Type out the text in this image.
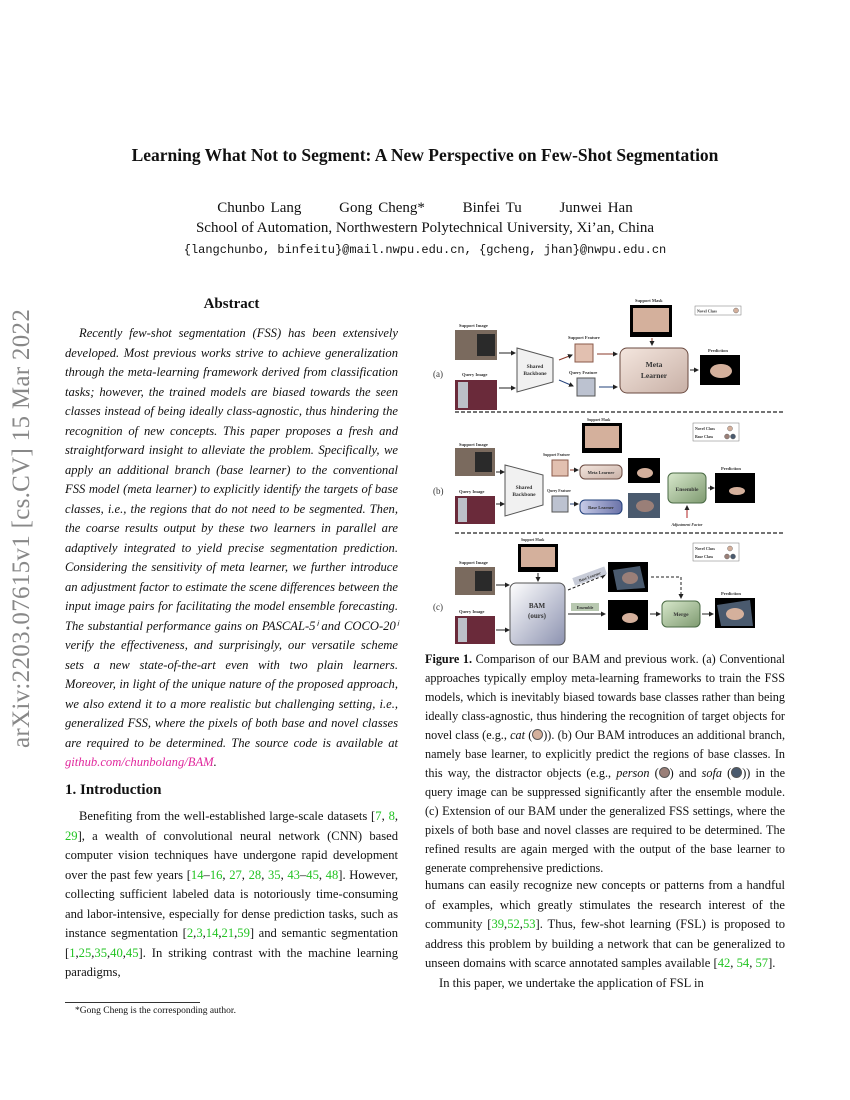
arXiv:2203.07615v1 [cs.CV] 15 Mar 2022
Learning What Not to Segment: A New Perspective on Few-Shot Segmentation
Chunbo Lang	Gong Cheng*	Binfei Tu	Junwei Han
School of Automation, Northwestern Polytechnical University, Xi’an, China
{langchunbo, binfeitu}@mail.nwpu.edu.cn, {gcheng, jhan}@nwpu.edu.cn
Abstract
Recently few-shot segmentation (FSS) has been extensively developed. Most previous works strive to achieve generalization through the meta-learning framework derived from classification tasks; however, the trained models are biased towards the seen classes instead of being ideally class-agnostic, thus hindering the recognition of new concepts. This paper proposes a fresh and straightforward insight to alleviate the problem. Specifically, we apply an additional branch (base learner) to the conventional FSS model (meta learner) to explicitly identify the targets of base classes, i.e., the regions that do not need to be segmented. Then, the coarse results output by these two learners in parallel are adaptively integrated to yield precise segmentation prediction. Considering the sensitivity of meta learner, we further introduce an adjustment factor to estimate the scene differences between the input image pairs for facilitating the model ensemble forecasting. The substantial performance gains on PASCAL-5ⁱ and COCO-20ⁱ verify the effectiveness, and surprisingly, our versatile scheme sets a new state-of-the-art even with two plain learners. Moreover, in light of the unique nature of the proposed approach, we also extend it to a more realistic but challenging setting, i.e., generalized FSS, where the pixels of both base and novel classes are required to be determined. The source code is available at github.com/chunbolang/BAM.
1. Introduction
Benefiting from the well-established large-scale datasets [7, 8, 29], a wealth of convolutional neural network (CNN) based computer vision techniques have undergone rapid development over the past few years [14–16, 27, 28, 35, 43–45, 48]. However, collecting sufficient labeled data is notoriously time-consuming and labor-intensive, especially for dense prediction tasks, such as instance segmentation [2,3,14,21,59] and semantic segmentation [1,25,35,40,45]. In striking contrast with the machine learning paradigms,
*Gong Cheng is the corresponding author.
(a)
Support Image
Query Image
Shared
Backbone
Support Feature
Query Feature
Support Mask
Meta
Learner
Prediction
Novel Class
(b)
Support Image
Query Image
Shared
Backbone
Support Feature
Query Feature
Support Mask
Meta Learner
Base Learner
Ensemble
Prediction
Adjustment Factor
Novel Class
Base Class
(c)
Support Mask
Support Image
Query Image
BAM
(ours)
Base Learner
Ensemble
Merge
Prediction
Novel Class
Base Class
Figure 1. Comparison of our BAM and previous work. (a) Conventional approaches typically employ meta-learning frameworks to train the FSS models, which is inevitably biased towards base classes rather than being ideally class-agnostic, thus hindering the recognition of target objects for novel class (e.g., cat ( )). (b) Our BAM introduces an additional branch, namely base learner, to explicitly predict the regions of base classes. In this way, the distractor objects (e.g., person ( ) and sofa ( )) in the query image can be suppressed significantly after the ensemble module. (c) Extension of our BAM under the generalized FSS settings, where the pixels of both base and novel classes are required to be determined. The refined results are again merged with the output of the base learner to generate comprehensive predictions.

humans can easily recognize new concepts or patterns from a handful of examples, which greatly stimulates the research interest of the community [39,52,53]. Thus, few-shot learning (FSL) is proposed to address this problem by building a network that can be generalized to unseen domains with scarce annotated samples available [42, 54, 57].

In this paper, we undertake the application of FSL in
